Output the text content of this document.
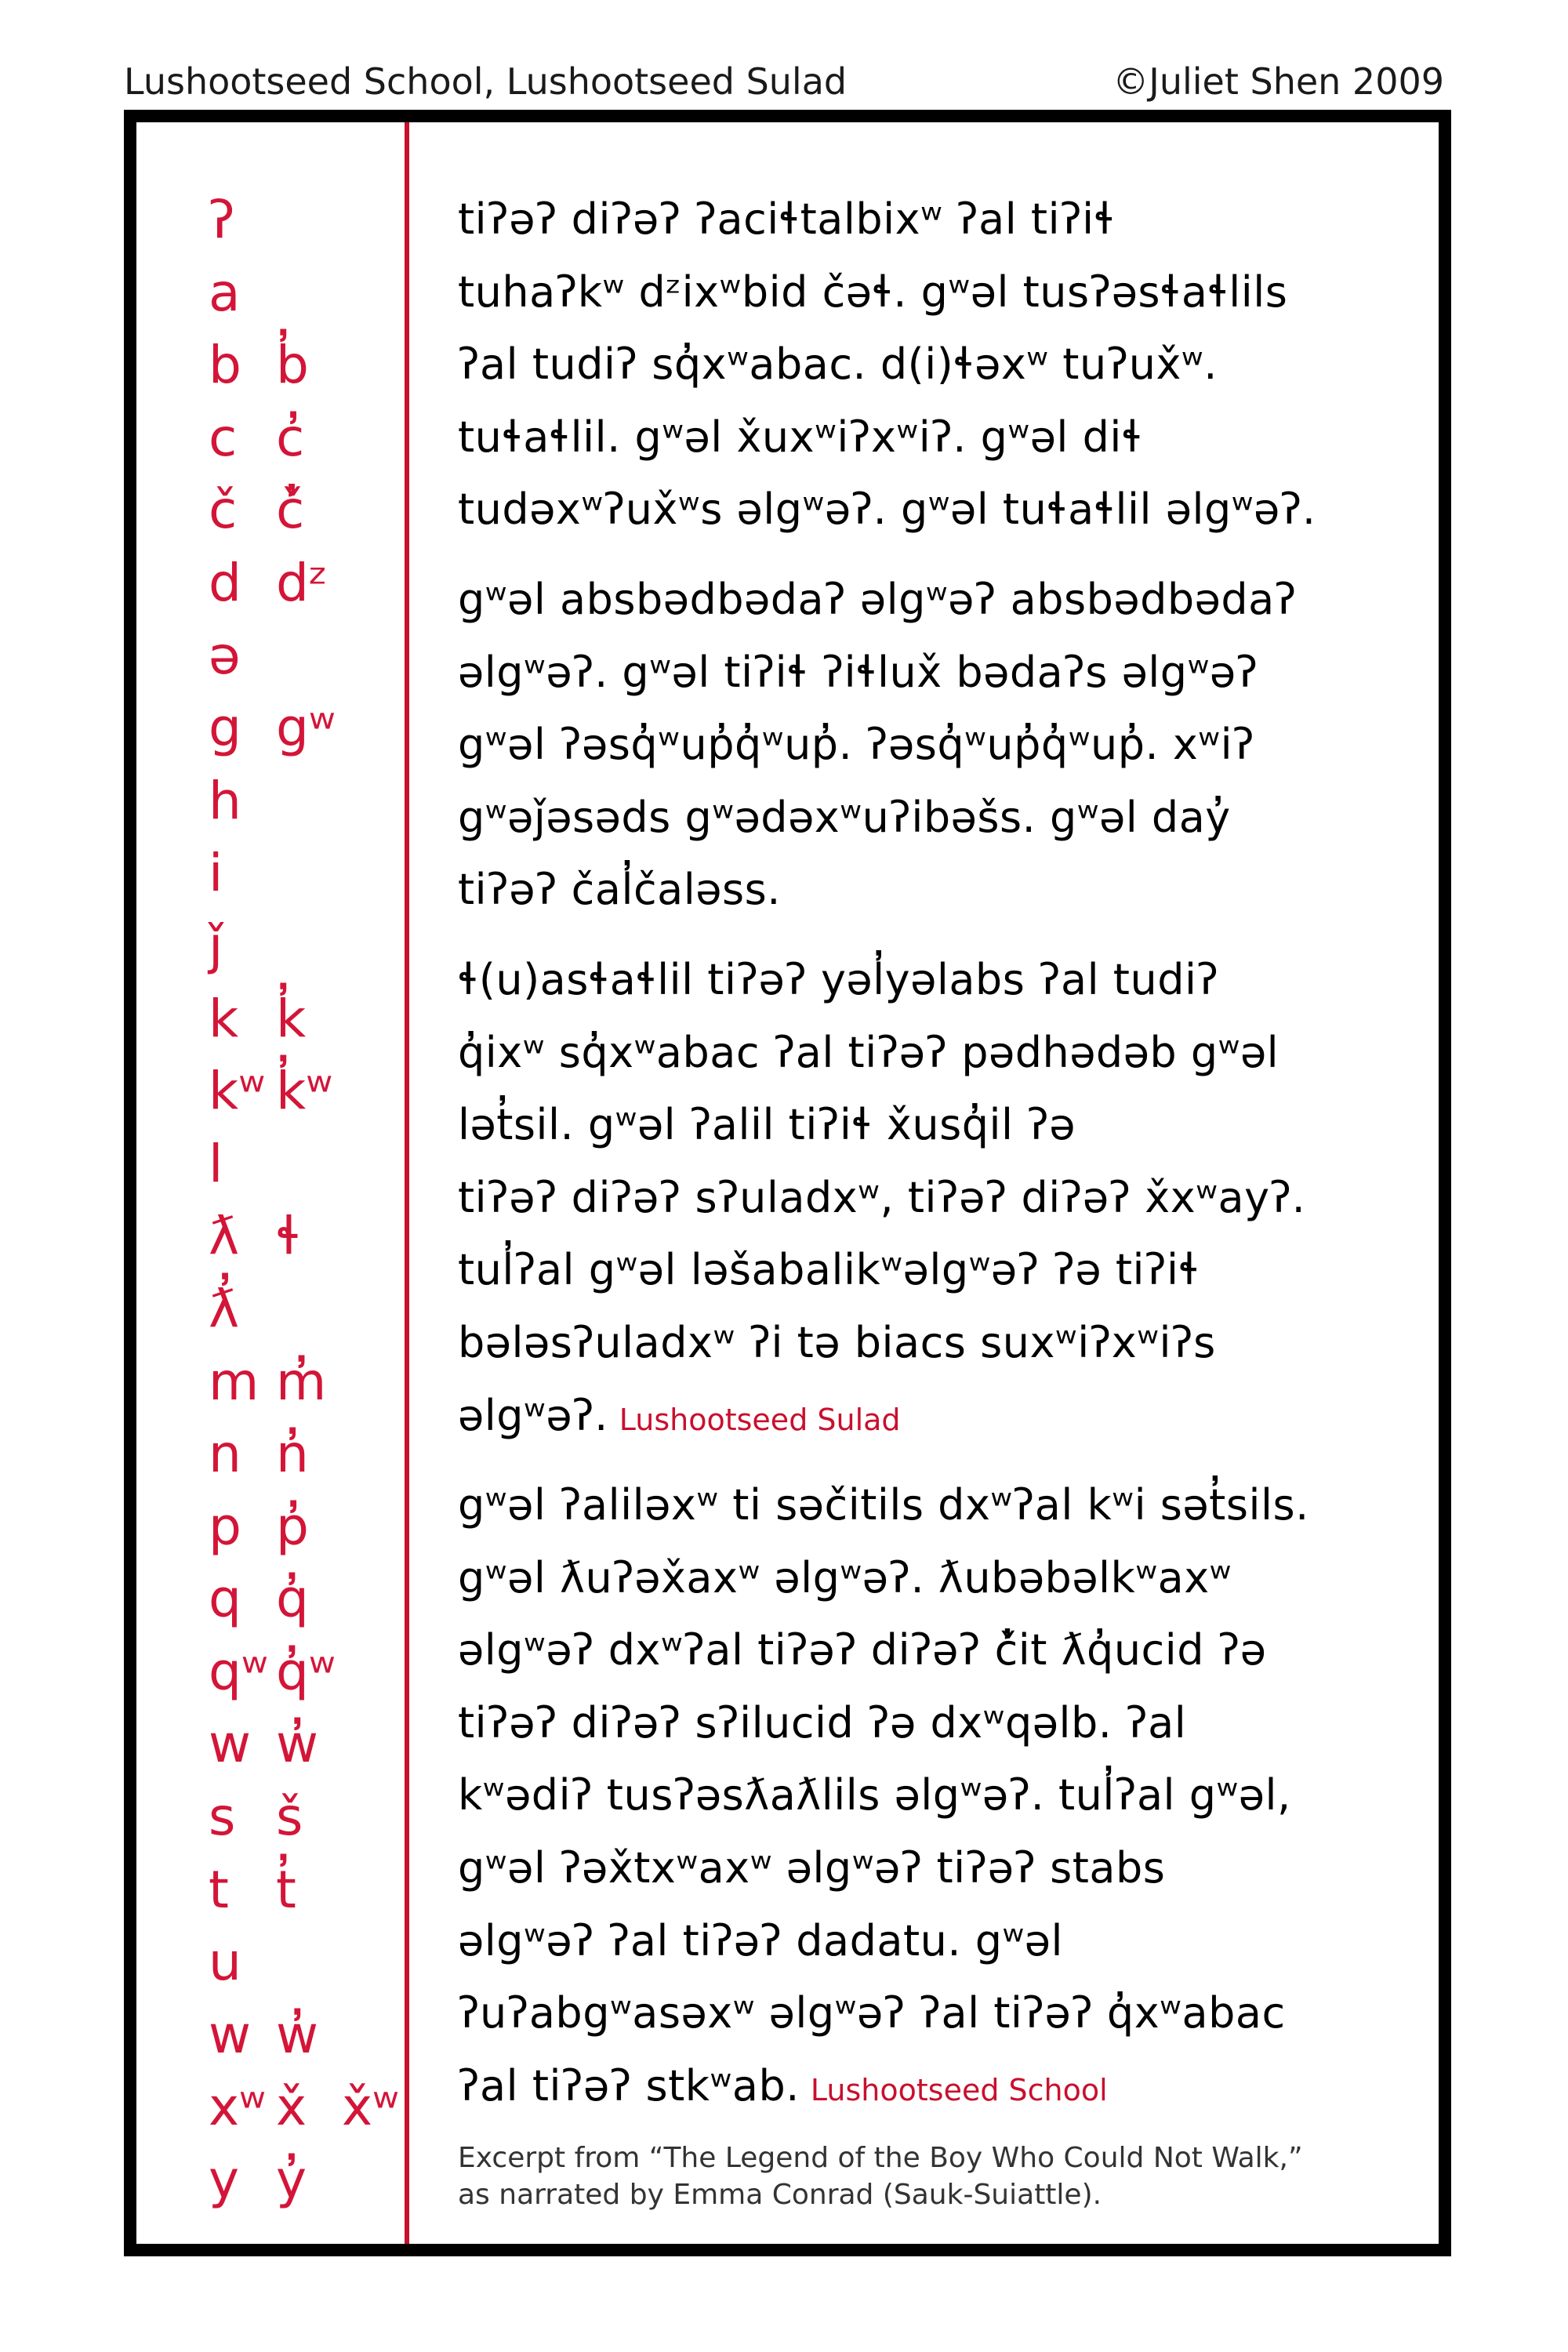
Lushootseed School, Lushootseed Sulad	©Juliet Shen 2009
ʔ
a
b b̓
c c̓
č č̓
d dᶻ
ə
g gʷ
h
i
ǰ
k k̓
kʷ k̓ʷ
l
ƛ ɬ
ƛ̓
m m̓
n n̓
p p̓
q q̓
qʷ q̓ʷ
w w̓
s š
t t̓
u
w w̓
xʷ x̌ x̌ʷ
y y̓
tiʔəʔ diʔəʔ ʔaciɬtalbixʷ ʔal tiʔiɬ
tuhaʔkʷ dᶻixʷbid čəɬ. gʷəl tusʔəsɬaɬlils
ʔal tudiʔ sq̓xʷabac. d(i)ɬəxʷ tuʔux̌ʷ.
tuɬaɬlil. gʷəl x̌uxʷiʔxʷiʔ. gʷəl diɬ
tudəxʷʔux̌ʷs əlgʷəʔ. gʷəl tuɬaɬlil əlgʷəʔ.
gʷəl absbədbədaʔ əlgʷəʔ absbədbədaʔ
əlgʷəʔ. gʷəl tiʔiɬ ʔiɬlux̌ bədaʔs əlgʷəʔ
gʷəl ʔəsq̓ʷup̓q̓ʷup̓. ʔəsq̓ʷup̓q̓ʷup̓. xʷiʔ
gʷəǰəsəds gʷədəxʷuʔibəšs. gʷəl day̓
tiʔəʔ čal̓čaləss.
ɬ(u)asɬaɬlil tiʔəʔ yəl̓yəlabs ʔal tudiʔ
q̓ixʷ sq̓xʷabac ʔal tiʔəʔ pədhədəb gʷəl
lət̓sil. gʷəl ʔalil tiʔiɬ x̌usq̓il ʔə
tiʔəʔ diʔəʔ sʔuladxʷ, tiʔəʔ diʔəʔ x̌xʷayʔ.
tul̓ʔal gʷəl ləšabalikʷəlgʷəʔ ʔə tiʔiɬ
bələsʔuladxʷ ʔi tə biacs suxʷiʔxʷiʔs
əlgʷəʔ. Lushootseed Sulad
gʷəl ʔaliləxʷ ti səčitils dxʷʔal kʷi sət̓sils.
gʷəl ƛuʔəx̌axʷ əlgʷəʔ. ƛubəbəlkʷaxʷ
əlgʷəʔ dxʷʔal tiʔəʔ diʔəʔ č̓it ƛq̓ucid ʔə
tiʔəʔ diʔəʔ sʔilucid ʔə dxʷqəlb. ʔal
kʷədiʔ tusʔəsƛaƛlils əlgʷəʔ. tul̓ʔal gʷəl,
gʷəl ʔəx̌txʷaxʷ əlgʷəʔ tiʔəʔ stabs
əlgʷəʔ ʔal tiʔəʔ dadatu. gʷəl
ʔuʔabgʷasəxʷ əlgʷəʔ ʔal tiʔəʔ q̓xʷabac
ʔal tiʔəʔ stkʷab. Lushootseed School
Excerpt from “The Legend of the Boy Who Could Not Walk,”
as narrated by Emma Conrad (Sauk-Suiattle).
